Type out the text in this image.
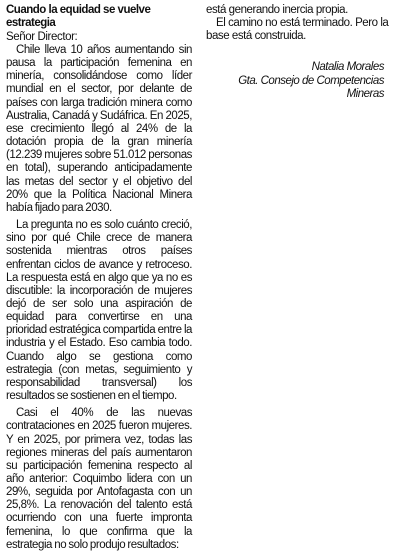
Cuando la equidad se vuelve estrategia
Señor Director:

Chile lleva 10 años aumentando sin pausa la participación femenina en minería, consolidándose como líder mundial en el sector, por delante de países con larga tradición minera como Australia, Canadá y Sudáfrica. En 2025, ese crecimiento llegó al 24% de la dotación propia de la gran minería (12.239 mujeres sobre 51.012 personas en total), superando anticipadamente las metas del sector y el objetivo del 20% que la Política Nacional Minera había fijado para 2030.

La pregunta no es solo cuánto creció, sino por qué Chile crece de manera sostenida mientras otros países enfrentan ciclos de avance y retroceso. La respuesta está en algo que ya no es discutible: la incorporación de mujeres dejó de ser solo una aspiración de equidad para convertirse en una prioridad estratégica compartida entre la industria y el Estado. Eso cambia todo. Cuando algo se gestiona como estrategia (con metas, seguimiento y responsabilidad transversal) los resultados se sostienen en el tiempo.

Casi el 40% de las nuevas contrataciones en 2025 fueron mujeres. Y en 2025, por primera vez, todas las regiones mineras del país aumentaron su participación femenina respecto al año anterior: Coquimbo lidera con un 29%, seguida por Antofagasta con un 25,8%. La renovación del talento está ocurriendo con una fuerte impronta femenina, lo que confirma que la estrategia no solo produjo resultados:

está generando inercia propia.

El camino no está terminado. Pero la base está construida.

Natalia Morales
Gta. Consejo de Competencias Mineras
